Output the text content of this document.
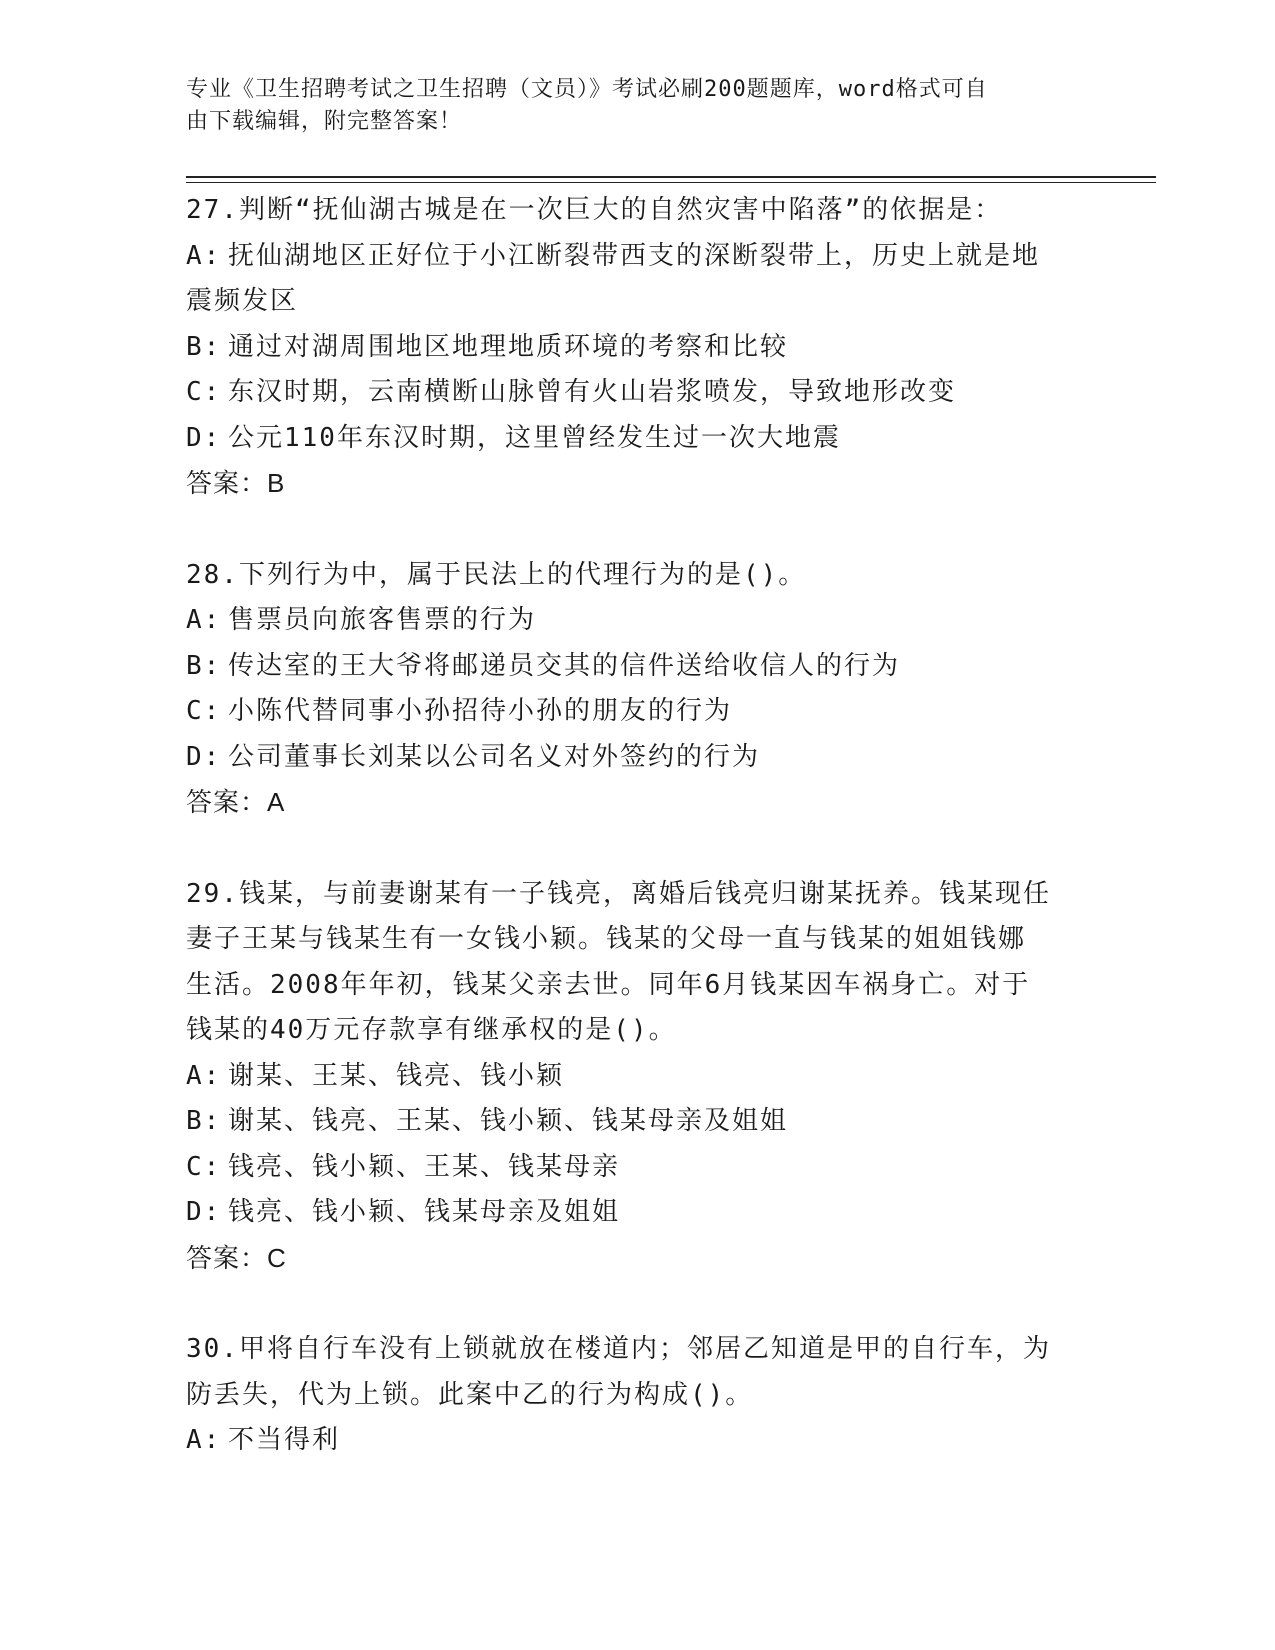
专业《卫生招聘考试之卫生招聘（文员）》考试必刷200题题库，word格式可自
由下载编辑，附完整答案！
27.判断“抚仙湖古城是在一次巨大的自然灾害中陷落”的依据是：
A: 抚仙湖地区正好位于小江断裂带西支的深断裂带上，历史上就是地
震频发区
B: 通过对湖周围地区地理地质环境的考察和比较
C: 东汉时期，云南横断山脉曾有火山岩浆喷发，导致地形改变
D: 公元110年东汉时期，这里曾经发生过一次大地震
答案：B
28.下列行为中，属于民法上的代理行为的是()。
A: 售票员向旅客售票的行为
B: 传达室的王大爷将邮递员交其的信件送给收信人的行为
C: 小陈代替同事小孙招待小孙的朋友的行为
D: 公司董事长刘某以公司名义对外签约的行为
答案：A
29.钱某，与前妻谢某有一子钱亮，离婚后钱亮归谢某抚养。钱某现任
妻子王某与钱某生有一女钱小颖。钱某的父母一直与钱某的姐姐钱娜
生活。2008年年初，钱某父亲去世。同年6月钱某因车祸身亡。对于
钱某的40万元存款享有继承权的是()。
A: 谢某、王某、钱亮、钱小颖
B: 谢某、钱亮、王某、钱小颖、钱某母亲及姐姐
C: 钱亮、钱小颖、王某、钱某母亲
D: 钱亮、钱小颖、钱某母亲及姐姐
答案：C
30.甲将自行车没有上锁就放在楼道内；邻居乙知道是甲的自行车，为
防丢失，代为上锁。此案中乙的行为构成()。
A: 不当得利
